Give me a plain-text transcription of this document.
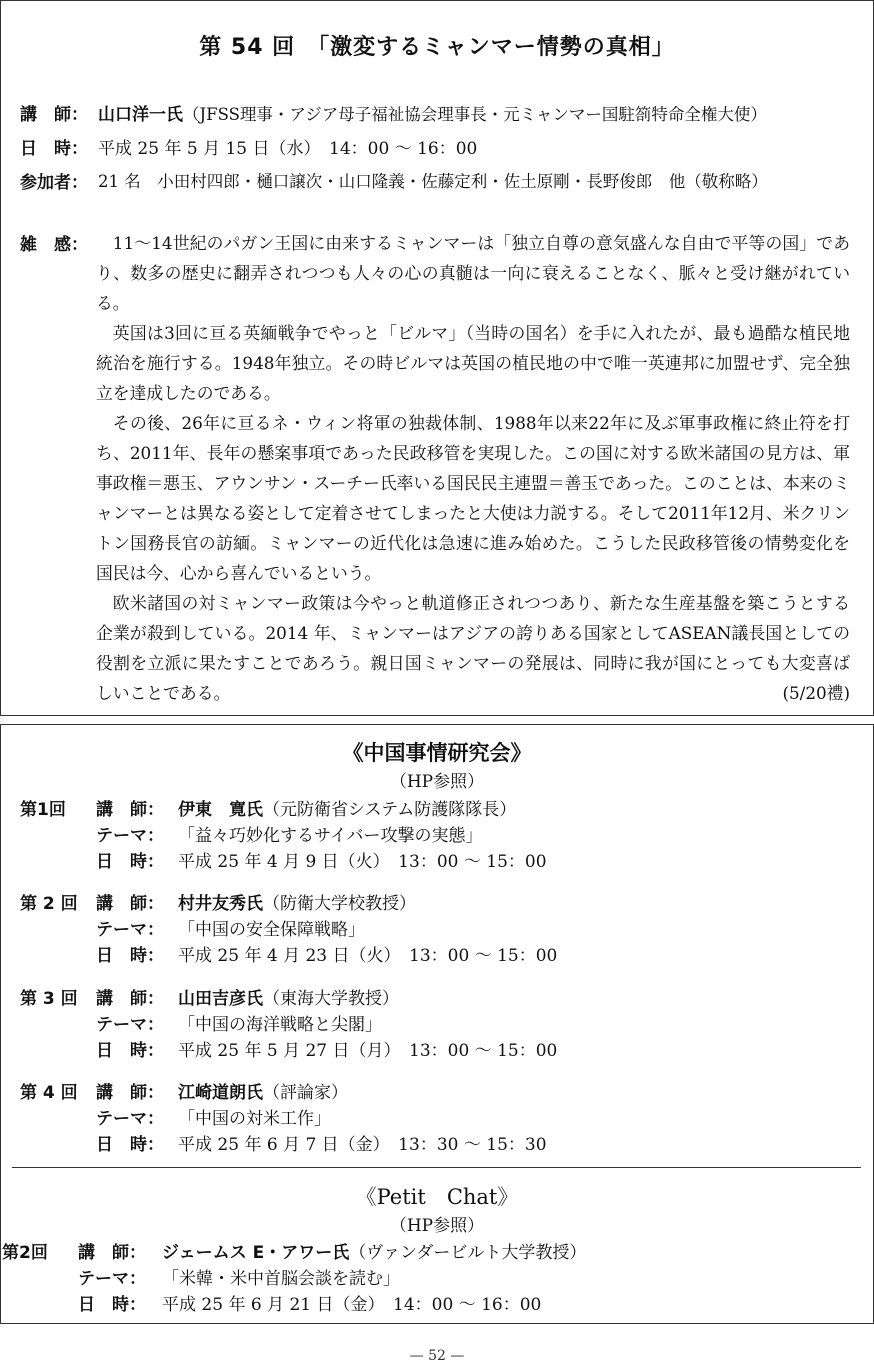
第 54 回　「激変するミャンマー情勢の真相」
講　師： 山口洋一氏（JFSS理事・アジア母子福祉協会理事長・元ミャンマー国駐箚特命全権大使）
日　時： 平成 25 年 5 月 15 日（水）　14：00 〜 16：00
参加者： 21 名　小田村四郎・樋口譲次・山口隆義・佐藤定利・佐土原剛・長野俊郎　他（敬称略）
雑　感：	11〜14世紀のパガン王国に由来するミャンマーは「独立自尊の意気盛んな自由で平等の国」であり、数多の歴史に翻弄されつつも人々の心の真髄は一向に衰えることなく、脈々と受け継がれている。

英国は3回に亘る英緬戦争でやっと「ビルマ」（当時の国名）を手に入れたが、最も過酷な植民地統治を施行する。1948年独立。その時ビルマは英国の植民地の中で唯一英連邦に加盟せず、完全独立を達成したのである。

その後、26年に亘るネ・ウィン将軍の独裁体制、1988年以来22年に及ぶ軍事政権に終止符を打ち、2011年、長年の懸案事項であった民政移管を実現した。この国に対する欧米諸国の見方は、軍事政権＝悪玉、アウンサン・スーチー氏率いる国民民主連盟＝善玉であった。このことは、本来のミャンマーとは異なる姿として定着させてしまったと大使は力説する。そして2011年12月、米クリントン国務長官の訪緬。ミャンマーの近代化は急速に進み始めた。こうした民政移管後の情勢変化を国民は今、心から喜んでいるという。

欧米諸国の対ミャンマー政策は今やっと軌道修正されつつあり、新たな生産基盤を築こうとする企業が殺到している。2014 年、ミャンマーはアジアの誇りある国家としてASEAN議長国としての役割を立派に果たすことであろう。親日国ミャンマーの発展は、同時に我が国にとっても大変喜ばしいことである。	(5/20禮)

《中国事情研究会》
（HP参照）
第1回 講　師： 伊東　寛氏（元防衛省システム防護隊隊長）
テーマ： 「益々巧妙化するサイバー攻撃の実態」
日　時： 平成 25 年 4 月 9 日（火）　13：00 〜 15：00
第 2 回 講　師： 村井友秀氏（防衛大学校教授）
テーマ： 「中国の安全保障戦略」
日　時： 平成 25 年 4 月 23 日（火）　13：00 〜 15：00
第 3 回 講　師： 山田吉彦氏（東海大学教授）
テーマ： 「中国の海洋戦略と尖閣」
日　時： 平成 25 年 5 月 27 日（月）　13：00 〜 15：00
第 4 回 講　師： 江崎道朗氏（評論家）
テーマ： 「中国の対米工作」
日　時： 平成 25 年 6 月 7 日（金）　13：30 〜 15：30
《Petit　Chat》
（HP参照）
第2回 講　師： ジェームス E・アワー氏（ヴァンダービルト大学教授）
テーマ： 「米韓・米中首脳会談を読む」
日　時： 平成 25 年 6 月 21 日（金）　14：00 〜 16：00
— 52 —
